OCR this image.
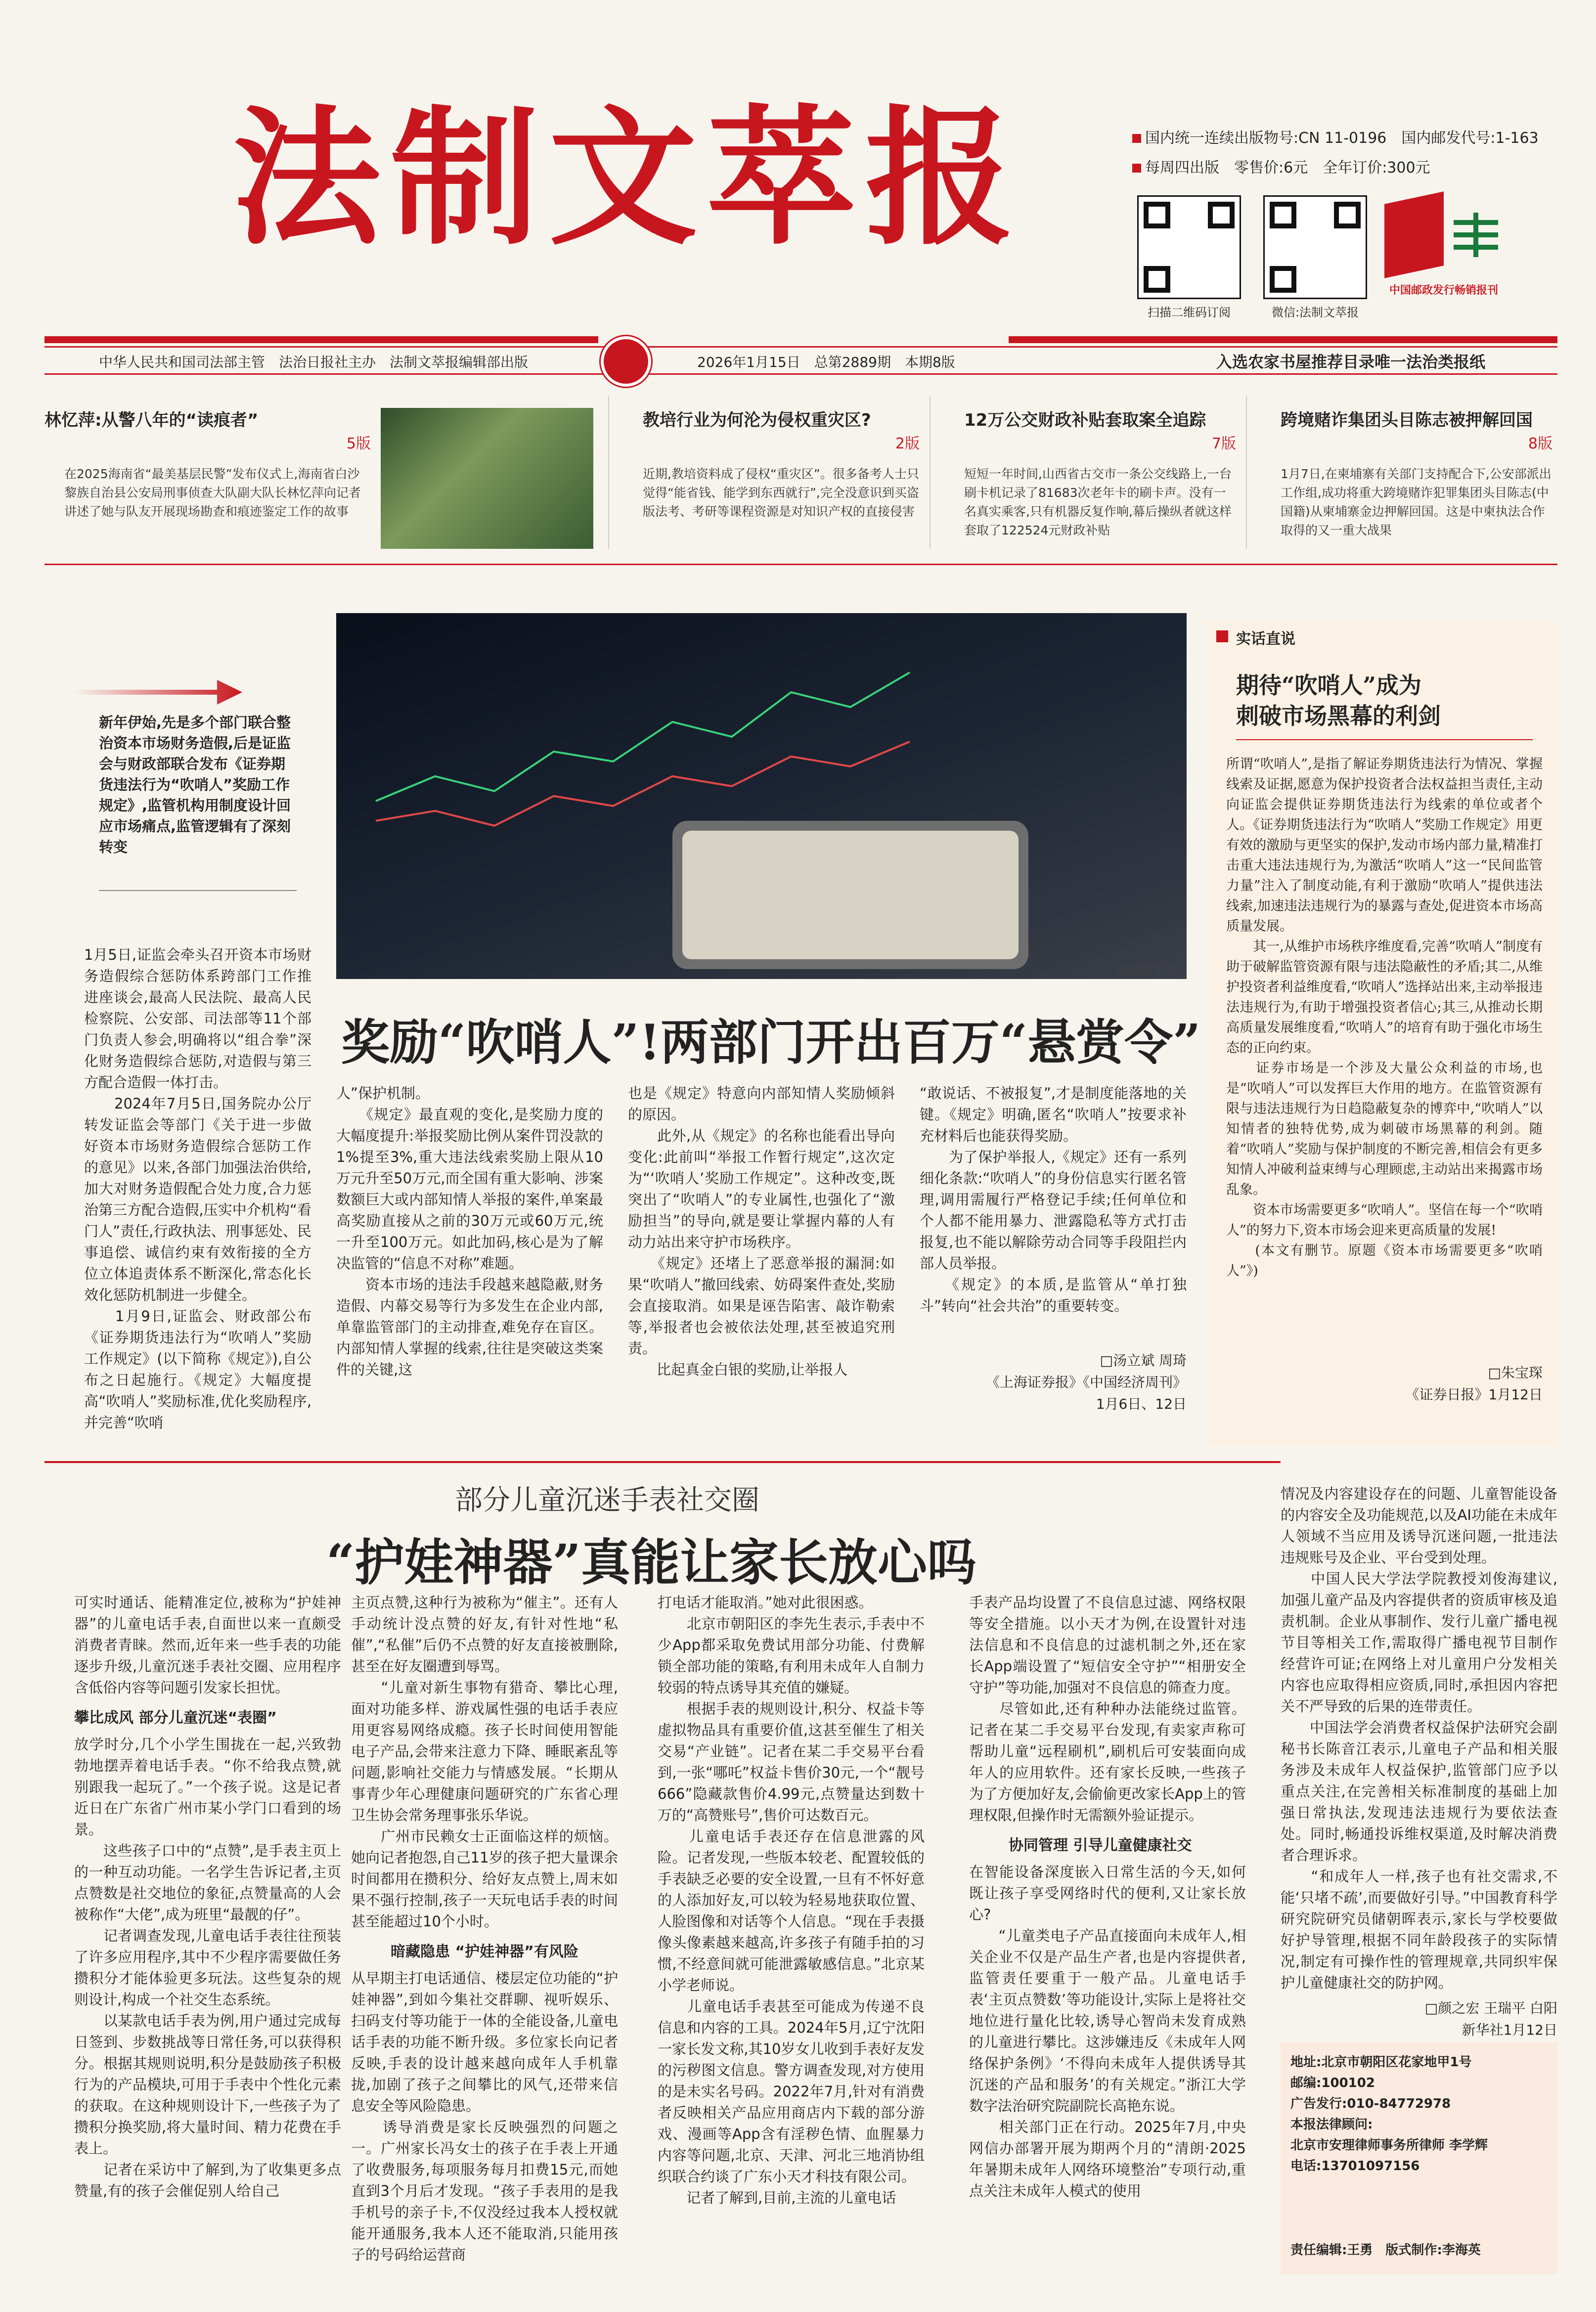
法制文萃报	国内统一连续出版物号:CN 11-0196　国内邮发代号:1-163
每周四出版　零售价:6元　全年订价:300元
扫描二维码订阅	微信:法制文萃报
中国邮政发行畅销报刊
中华人民共和国司法部主管　法治日报社主办　法制文萃报编辑部出版	2026年1月15日　总第2889期　本期8版	入选农家书屋推荐目录唯一法治类报纸
林忆萍:从警八年的“读痕者”
5版
在2025海南省“最美基层民警”发布仪式上,海南省白沙黎族自治县公安局刑事侦查大队副大队长林忆萍向记者讲述了她与队友开展现场勘查和痕迹鉴定工作的故事
教培行业为何沦为侵权重灾区?
2版
近期,教培资料成了侵权“重灾区”。很多备考人士只觉得“能省钱、能学到东西就行”,完全没意识到买盗版法考、考研等课程资源是对知识产权的直接侵害
12万公交财政补贴套取案全追踪
7版
短短一年时间,山西省古交市一条公交线路上,一台刷卡机记录了81683次老年卡的刷卡声。没有一名真实乘客,只有机器反复作响,幕后操纵者就这样套取了122524元财政补贴
跨境赌诈集团头目陈志被押解回国
8版
1月7日,在柬埔寨有关部门支持配合下,公安部派出工作组,成功将重大跨境赌诈犯罪集团头目陈志(中国籍)从柬埔寨金边押解回国。这是中柬执法合作取得的又一重大战果
图/视觉中国
新年伊始,先是多个部门联合整治资本市场财务造假,后是证监会与财政部联合发布《证券期货违法行为“吹哨人”奖励工作规定》,监管机构用制度设计回应市场痛点,监管逻辑有了深刻转变
奖励“吹哨人”!两部门开出百万“悬赏令”
1月5日,证监会牵头召开资本市场财务造假综合惩防体系跨部门工作推进座谈会,最高人民法院、最高人民检察院、公安部、司法部等11个部门负责人参会,明确将以“组合拳”深化财务造假综合惩防,对造假与第三方配合造假一体打击。
　　2024年7月5日,国务院办公厅转发证监会等部门《关于进一步做好资本市场财务造假综合惩防工作的意见》以来,各部门加强法治供给,加大对财务造假配合处力度,合力惩治第三方配合造假,压实中介机构“看门人”责任,行政执法、刑事惩处、民事追偿、诚信约束有效衔接的全方位立体追责体系不断深化,常态化长效化惩防机制进一步健全。
　　1月9日,证监会、财政部公布《证券期货违法行为“吹哨人”奖励工作规定》(以下简称《规定》),自公布之日起施行。《规定》大幅度提高“吹哨人”奖励标准,优化奖励程序,并完善“吹哨
人”保护机制。
　　《规定》最直观的变化,是奖励力度的大幅度提升:举报奖励比例从案件罚没款的1%提至3%,重大违法线索奖励上限从10万元升至50万元,而全国有重大影响、涉案数额巨大或内部知情人举报的案件,单案最高奖励直接从之前的30万元或60万元,统一升至100万元。如此加码,核心是为了解决监管的“信息不对称”难题。
　　资本市场的违法手段越来越隐蔽,财务造假、内幕交易等行为多发生在企业内部,单靠监管部门的主动排查,难免存在盲区。内部知情人掌握的线索,往往是突破这类案件的关键,这
也是《规定》特意向内部知情人奖励倾斜的原因。
　　此外,从《规定》的名称也能看出导向变化:此前叫“举报工作暂行规定”,这次定为“‘吹哨人’奖励工作规定”。这种改变,既突出了“吹哨人”的专业属性,也强化了“激励担当”的导向,就是要让掌握内幕的人有动力站出来守护市场秩序。
　　《规定》还堵上了恶意举报的漏洞:如果“吹哨人”撤回线索、妨碍案件查处,奖励会直接取消。如果是诬告陷害、敲诈勒索等,举报者也会被依法处理,甚至被追究刑责。
　　比起真金白银的奖励,让举报人
“敢说话、不被报复”,才是制度能落地的关键。《规定》明确,匿名“吹哨人”按要求补充材料后也能获得奖励。
　　为了保护举报人,《规定》还有一系列细化条款:“吹哨人”的身份信息实行匿名管理,调用需履行严格登记手续;任何单位和个人都不能用暴力、泄露隐私等方式打击报复,也不能以解除劳动合同等手段阻拦内部人员举报。
　　《规定》的本质,是监管从“单打独斗”转向“社会共治”的重要转变。
□汤立斌 周琦
《上海证券报》《中国经济周刊》
1月6日、12日
实话直说
期待“吹哨人”成为
刺破市场黑幕的利剑
所谓“吹哨人”,是指了解证券期货违法行为情况、掌握线索及证据,愿意为保护投资者合法权益担当责任,主动向证监会提供证券期货违法行为线索的单位或者个人。《证券期货违法行为“吹哨人”奖励工作规定》用更有效的激励与更坚实的保护,发动市场内部力量,精准打击重大违法违规行为,为激活“吹哨人”这一“民间监管力量”注入了制度动能,有利于激励“吹哨人”提供违法线索,加速违法违规行为的暴露与查处,促进资本市场高质量发展。
　　其一,从维护市场秩序维度看,完善“吹哨人”制度有助于破解监管资源有限与违法隐蔽性的矛盾;其二,从维护投资者利益维度看,“吹哨人”选择站出来,主动举报违法违规行为,有助于增强投资者信心;其三,从推动长期高质量发展维度看,“吹哨人”的培育有助于强化市场生态的正向约束。
　　证券市场是一个涉及大量公众利益的市场,也是“吹哨人”可以发挥巨大作用的地方。在监管资源有限与违法违规行为日趋隐蔽复杂的博弈中,“吹哨人”以知情者的独特优势,成为刺破市场黑幕的利剑。随着“吹哨人”奖励与保护制度的不断完善,相信会有更多知情人冲破利益束缚与心理顾虑,主动站出来揭露市场乱象。
　　资本市场需要更多“吹哨人”。坚信在每一个“吹哨人”的努力下,资本市场会迎来更高质量的发展!
　　(本文有删节。原题《资本市场需要更多“吹哨人”》)
□朱宝琛
《证券日报》1月12日
部分儿童沉迷手表社交圈
“护娃神器”真能让家长放心吗
情况及内容建设存在的问题、儿童智能设备的内容安全及功能规范,以及AI功能在未成年人领域不当应用及诱导沉迷问题,一批违法违规账号及企业、平台受到处理。
　　中国人民大学法学院教授刘俊海建议,加强儿童产品及内容提供者的资质审核及追责机制。企业从事制作、发行儿童广播电视节目等相关工作,需取得广播电视节目制作经营许可证;在网络上对儿童用户分发相关内容也应取得相应资质,同时,承担因内容把关不严导致的后果的连带责任。
　　中国法学会消费者权益保护法研究会副秘书长陈音江表示,儿童电子产品和相关服务涉及未成年人权益保护,监管部门应予以重点关注,在完善相关标准制度的基础上加强日常执法,发现违法违规行为要依法查处。同时,畅通投诉维权渠道,及时解决消费者合理诉求。
　　“和成年人一样,孩子也有社交需求,不能‘只堵不疏’,而要做好引导。”中国教育科学研究院研究员储朝晖表示,家长与学校要做好护导管理,根据不同年龄段孩子的实际情况,制定有可操作性的管理规章,共同织牢保护儿童健康社交的防护网。
□颜之宏 王瑞平 白阳
新华社1月12日
可实时通话、能精准定位,被称为“护娃神器”的儿童电话手表,自面世以来一直颇受消费者青睐。然而,近年来一些手表的功能逐步升级,儿童沉迷手表社交圈、应用程序含低俗内容等问题引发家长担忧。
攀比成风 部分儿童沉迷“表圈”
放学时分,几个小学生围拢在一起,兴致勃勃地摆弄着电话手表。“你不给我点赞,就别跟我一起玩了。”一个孩子说。这是记者近日在广东省广州市某小学门口看到的场景。
　　这些孩子口中的“点赞”,是手表主页上的一种互动功能。一名学生告诉记者,主页点赞数是社交地位的象征,点赞量高的人会被称作“大佬”,成为班里“最靓的仔”。
　　记者调查发现,儿童电话手表往往预装了许多应用程序,其中不少程序需要做任务攒积分才能体验更多玩法。这些复杂的规则设计,构成一个社交生态系统。
　　以某款电话手表为例,用户通过完成每日签到、步数挑战等日常任务,可以获得积分。根据其规则说明,积分是鼓励孩子积极行为的产品模块,可用于手表中个性化元素的获取。在这种规则设计下,一些孩子为了攒积分换奖励,将大量时间、精力花费在手表上。
　　记者在采访中了解到,为了收集更多点赞量,有的孩子会催促别人给自己
主页点赞,这种行为被称为“催主”。还有人手动统计没点赞的好友,有针对性地“私催”,“私催”后仍不点赞的好友直接被删除,甚至在好友圈遭到辱骂。
　　“儿童对新生事物有猎奇、攀比心理,面对功能多样、游戏属性强的电话手表应用更容易网络成瘾。孩子长时间使用智能电子产品,会带来注意力下降、睡眠紊乱等问题,影响社交能力与情感发展。“长期从事青少年心理健康问题研究的广东省心理卫生协会常务理事张乐华说。
　　广州市民赖女士正面临这样的烦恼。她向记者抱怨,自己11岁的孩子把大量课余时间都用在攒积分、给好友点赞上,周末如果不强行控制,孩子一天玩电话手表的时间甚至能超过10个小时。
暗藏隐患 “护娃神器”有风险
从早期主打电话通信、楼层定位功能的“护娃神器”,到如今集社交群聊、视听娱乐、扫码支付等功能于一体的全能设备,儿童电话手表的功能不断升级。多位家长向记者反映,手表的设计越来越向成年人手机靠拢,加剧了孩子之间攀比的风气,还带来信息安全等风险隐患。
　　诱导消费是家长反映强烈的问题之一。广州家长冯女士的孩子在手表上开通了收费服务,每项服务每月扣费15元,而她直到3个月后才发现。“孩子手表用的是我手机号的亲子卡,不仅没经过我本人授权就能开通服务,我本人还不能取消,只能用孩子的号码给运营商
打电话才能取消。”她对此很困惑。
　　北京市朝阳区的李先生表示,手表中不少App都采取免费试用部分功能、付费解锁全部功能的策略,有利用未成年人自制力较弱的特点诱导其充值的嫌疑。
　　根据手表的规则设计,积分、权益卡等虚拟物品具有重要价值,这甚至催生了相关交易“产业链”。记者在某二手交易平台看到,一张“哪吒”权益卡售价30元,一个“靓号666”隐藏款售价4.99元,点赞量达到数十万的“高赞账号”,售价可达数百元。
　　儿童电话手表还存在信息泄露的风险。记者发现,一些版本较老、配置较低的手表缺乏必要的安全设置,一旦有不怀好意的人添加好友,可以较为轻易地获取位置、人脸图像和对话等个人信息。“现在手表摄像头像素越来越高,许多孩子有随手拍的习惯,不经意间就可能泄露敏感信息。”北京某小学老师说。
　　儿童电话手表甚至可能成为传递不良信息和内容的工具。2024年5月,辽宁沈阳一家长发文称,其10岁女儿收到手表好友发的污秽图文信息。警方调查发现,对方使用的是未实名号码。2022年7月,针对有消费者反映相关产品应用商店内下载的部分游戏、漫画等App含有淫秽色情、血腥暴力内容等问题,北京、天津、河北三地消协组织联合约谈了广东小天才科技有限公司。
　　记者了解到,目前,主流的儿童电话
手表产品均设置了不良信息过滤、网络权限等安全措施。以小天才为例,在设置针对违法信息和不良信息的过滤机制之外,还在家长App端设置了“短信安全守护”“相册安全守护”等功能,加强对不良信息的筛查力度。
　　尽管如此,还有种种办法能绕过监管。记者在某二手交易平台发现,有卖家声称可帮助儿童“远程刷机”,刷机后可安装面向成年人的应用软件。还有家长反映,一些孩子为了方便加好友,会偷偷更改家长App上的管理权限,但操作时无需额外验证提示。
协同管理 引导儿童健康社交
在智能设备深度嵌入日常生活的今天,如何既让孩子享受网络时代的便利,又让家长放心?
　　“儿童类电子产品直接面向未成年人,相关企业不仅是产品生产者,也是内容提供者,监管责任要重于一般产品。儿童电话手表‘主页点赞数’等功能设计,实际上是将社交地位进行量化比较,诱导心智尚未发育成熟的儿童进行攀比。这涉嫌违反《未成年人网络保护条例》‘不得向未成年人提供诱导其沉迷的产品和服务’的有关规定。”浙江大学数字法治研究院副院长高艳东说。
　　相关部门正在行动。2025年7月,中央网信办部署开展为期两个月的“清朗·2025年暑期未成年人网络环境整治”专项行动,重点关注未成年人模式的使用
地址:北京市朝阳区花家地甲1号
邮编:100102
广告发行:010-84772978
本报法律顾问:
北京市安理律师事务所律师 李学辉
电话:13701097156
责任编辑:王勇　版式制作:李海英
